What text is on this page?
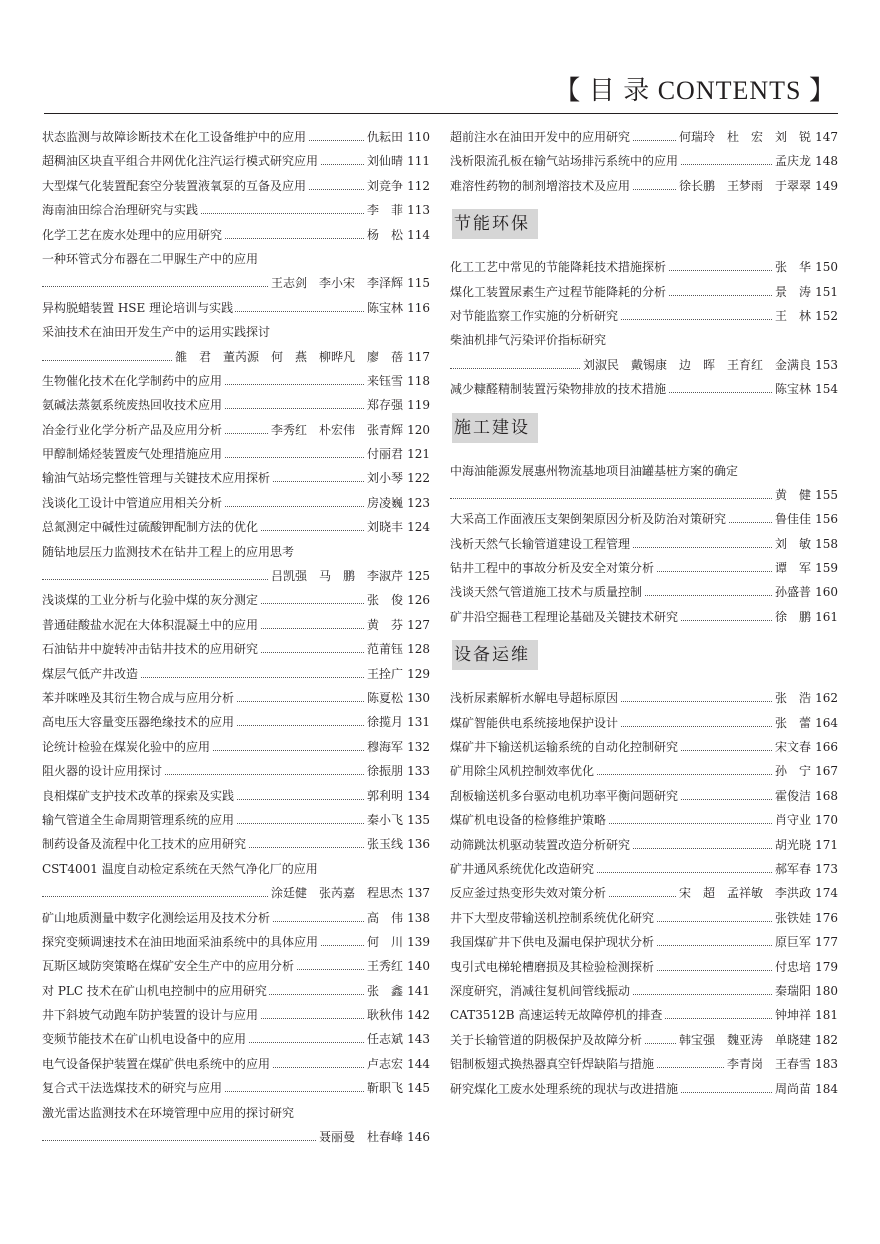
【 目 录 CONTENTS 】
状态监测与故障诊断技术在化工设备维护中的应用	仇耘田 110
超稠油区块直平组合井网优化注汽运行模式研究应用	刘仙晴 111
大型煤气化装置配套空分装置液氧泵的互备及应用	刘竞争 112
海南油田综合治理研究与实践	李　菲 113
化学工艺在废水处理中的应用研究	杨　松 114
一种环管式分布器在二甲脲生产中的应用
王志剑　李小宋　李泽辉 115
异构脱蜡装置 HSE 理论培训与实践	陈宝林 116
采油技术在油田开发生产中的运用实践探讨
雒　君　董芮源　何　燕　柳晔凡　廖　蓓 117
生物催化技术在化学制药中的应用	来钰雪 118
氨碱法蒸氨系统废热回收技术应用	郑存强 119
冶金行业化学分析产品及应用分析	李秀红　朴宏伟　张青辉 120
甲醇制烯烃装置废气处理措施应用	付丽君 121
输油气站场完整性管理与关键技术应用探析	刘小琴 122
浅谈化工设计中管道应用相关分析	房凌巍 123
总氮测定中碱性过硫酸钾配制方法的优化	刘晓丰 124
随钻地层压力监测技术在钻井工程上的应用思考
吕凯强　马　鹏　李淑芹 125
浅谈煤的工业分析与化验中煤的灰分测定	张　俊 126
普通硅酸盐水泥在大体积混凝土中的应用	黄　芬 127
石油钻井中旋转冲击钻井技术的应用研究	范莆钰 128
煤层气低产井改造	王拴广 129
苯并咪唑及其衍生物合成与应用分析	陈夏松 130
高电压大容量变压器绝缘技术的应用	徐揽月 131
论统计检验在煤炭化验中的应用	穆海军 132
阻火器的设计应用探讨	徐振朋 133
良相煤矿支护技术改革的探索及实践	郭利明 134
输气管道全生命周期管理系统的应用	秦小飞 135
制药设备及流程中化工技术的应用研究	张玉线 136
CST4001 温度自动检定系统在天然气净化厂的应用
涂廷健　张芮嘉　程思杰 137
矿山地质测量中数字化测绘运用及技术分析	高　伟 138
探究变频调速技术在油田地面采油系统中的具体应用	何　川 139
瓦斯区域防突策略在煤矿安全生产中的应用分析	王秀红 140
对 PLC 技术在矿山机电控制中的应用研究	张　鑫 141
井下斜坡气动跑车防护装置的设计与应用	耿秋伟 142
变频节能技术在矿山机电设备中的应用	任志斌 143
电气设备保护装置在煤矿供电系统中的应用	卢志宏 144
复合式干法选煤技术的研究与应用	靳职飞 145
激光雷达监测技术在环境管理中应用的探讨研究
聂丽曼　杜春峰 146
超前注水在油田开发中的应用研究	何瑞玲　杜　宏　刘　锐 147
浅析限流孔板在输气站场排污系统中的应用	孟庆龙 148
难溶性药物的制剂增溶技术及应用	徐长鹏　王梦雨　于翠翠 149
节能环保
化工工艺中常见的节能降耗技术措施探析	张　华 150
煤化工装置尿素生产过程节能降耗的分析	景　涛 151
对节能监察工作实施的分析研究	王　林 152
柴油机排气污染评价指标研究
刘淑民　戴锡康　边　晖　王育红　金满良 153
减少糠醛精制装置污染物排放的技术措施	陈宝林 154
施工建设
中海油能源发展惠州物流基地项目油罐基桩方案的确定
黄　健 155
大采高工作面液压支架倒架原因分析及防治对策研究	鲁佳佳 156
浅析天然气长输管道建设工程管理	刘　敏 158
钻井工程中的事故分析及安全对策分析	谭　军 159
浅谈天然气管道施工技术与质量控制	孙盛普 160
矿井沿空掘巷工程理论基础及关键技术研究	徐　鹏 161
设备运维
浅析尿素解析水解电导超标原因	张　浩 162
煤矿智能供电系统接地保护设计	张　蕾 164
煤矿井下输送机运输系统的自动化控制研究	宋文春 166
矿用除尘风机控制效率优化	孙　宁 167
刮板输送机多台驱动电机功率平衡问题研究	霍俊洁 168
煤矿机电设备的检修维护策略	肖守业 170
动筛跳汰机驱动装置改造分析研究	胡光晓 171
矿井通风系统优化改造研究	郝军春 173
反应釜过热变形失效对策分析	宋　超　孟祥敏　李洪政 174
井下大型皮带输送机控制系统优化研究	张铁娃 176
我国煤矿井下供电及漏电保护现状分析	原巨军 177
曳引式电梯轮槽磨损及其检验检测探析	付忠培 179
深度研究，消减往复机间管线振动	秦瑞阳 180
CAT3512B 高速运转无故障停机的排查	钟坤祥 181
关于长输管道的阴极保护及故障分析	韩宝强　魏亚涛　单晓建 182
铝制板翅式换热器真空钎焊缺陷与措施	李青岗　王春雪 183
研究煤化工废水处理系统的现状与改进措施	周尚苗 184
